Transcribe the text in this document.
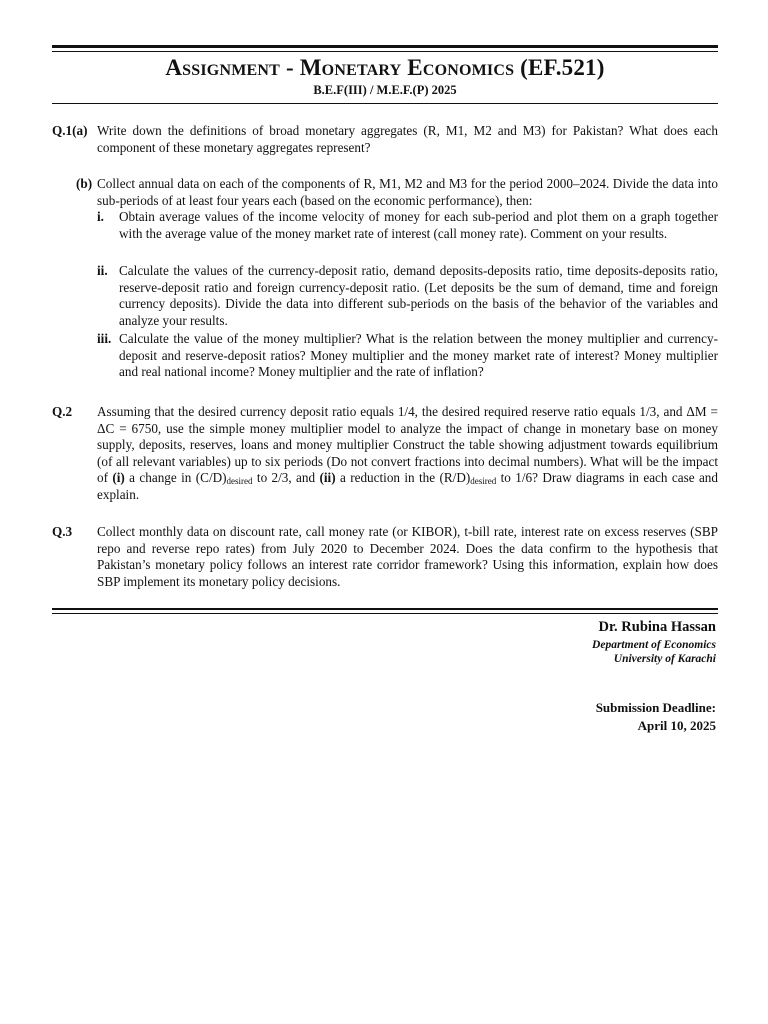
Assignment - Monetary Economics (EF.521)
B.E.F(III) / M.E.F.(P) 2025
Q.1(a) Write down the definitions of broad monetary aggregates (R, M1, M2 and M3) for Pakistan? What does each component of these monetary aggregates represent?
(b) Collect annual data on each of the components of R, M1, M2 and M3 for the period 2000–2024. Divide the data into sub-periods of at least four years each (based on the economic performance), then:
i. Obtain average values of the income velocity of money for each sub-period and plot them on a graph together with the average value of the money market rate of interest (call money rate). Comment on your results.
ii. Calculate the values of the currency-deposit ratio, demand deposits-deposits ratio, time deposits-deposits ratio, reserve-deposit ratio and foreign currency-deposit ratio. (Let deposits be the sum of demand, time and foreign currency deposits). Divide the data into different sub-periods on the basis of the behavior of the variables and analyze your results.
iii. Calculate the value of the money multiplier? What is the relation between the money multiplier and currency-deposit and reserve-deposit ratios? Money multiplier and the money market rate of interest? Money multiplier and real national income? Money multiplier and the rate of inflation?
Q.2 Assuming that the desired currency deposit ratio equals 1/4, the desired required reserve ratio equals 1/3, and ΔM = ΔC = 6750, use the simple money multiplier model to analyze the impact of change in monetary base on money supply, deposits, reserves, loans and money multiplier Construct the table showing adjustment towards equilibrium (of all relevant variables) up to six periods (Do not convert fractions into decimal numbers). What will be the impact of (i) a change in $(C/D)_{desired}$ to 2/3, and (ii) a reduction in the $(R/D)_{desired}$ to 1/6? Draw diagrams in each case and explain.
Q.3 Collect monthly data on discount rate, call money rate (or KIBOR), t-bill rate, interest rate on excess reserves (SBP repo and reverse repo rates) from July 2020 to December 2024. Does the data confirm to the hypothesis that Pakistan’s monetary policy follows an interest rate corridor framework? Using this information, explain how does SBP implement its monetary policy decisions.
Dr. Rubina Hassan
Department of Economics
University of Karachi
Submission Deadline:
April 10, 2025
